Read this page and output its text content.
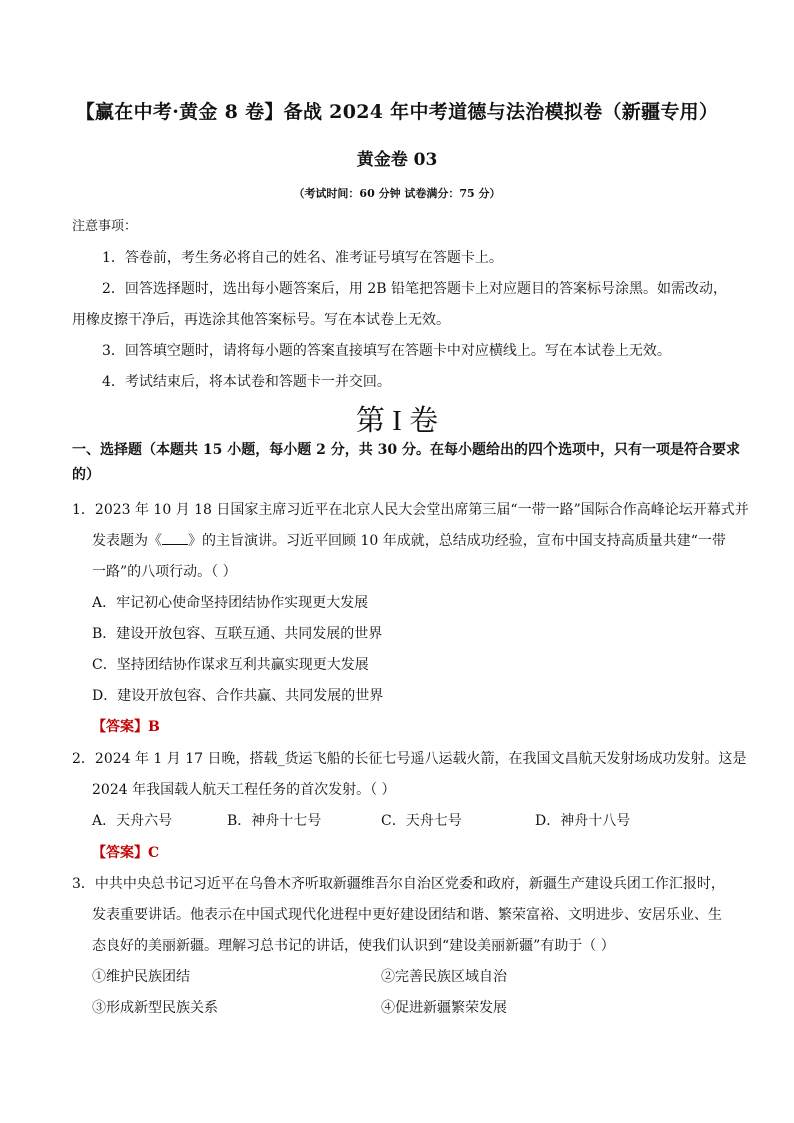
【赢在中考·黄金 8 卷】备战 2024 年中考道德与法治模拟卷（新疆专用）
黄金卷 03
（考试时间：60 分钟 试卷满分：75 分）
注意事项：
1．答卷前，考生务必将自己的姓名、准考证号填写在答题卡上。
2．回答选择题时，选出每小题答案后，用 2B 铅笔把答题卡上对应题目的答案标号涂黑。如需改动，
用橡皮擦干净后，再选涂其他答案标号。写在本试卷上无效。
3．回答填空题时，请将每小题的答案直接填写在答题卡中对应横线上。写在本试卷上无效。
4．考试结束后，将本试卷和答题卡一并交回。
第 I 卷
一、选择题（本题共 15 小题，每小题 2 分，共 30 分。在每小题给出的四个选项中，只有一项是符合要求
的）
1．2023 年 10 月 18 日国家主席习近平在北京人民大会堂出席第三届“一带一路”国际合作高峰论坛开幕式并
发表题为《 》的主旨演讲。习近平回顾 10 年成就，总结成功经验，宣布中国支持高质量共建“一带
一路”的八项行动。（ ）
A．牢记初心使命坚持团结协作实现更大发展
B．建设开放包容、互联互通、共同发展的世界
C．坚持团结协作谋求互利共赢实现更大发展
D．建设开放包容、合作共赢、共同发展的世界
【答案】B
2．2024 年 1 月 17 日晚，搭载_货运飞船的长征七号遥八运载火箭，在我国文昌航天发射场成功发射。这是
2024 年我国载人航天工程任务的首次发射。（ ）
A．天舟六号	B．神舟十七号	C．天舟七号	D．神舟十八号
【答案】C
3．中共中央总书记习近平在乌鲁木齐听取新疆维吾尔自治区党委和政府，新疆生产建设兵团工作汇报时，
发表重要讲话。他表示在中国式现代化进程中更好建设团结和谐、繁荣富裕、文明进步、安居乐业、生
态良好的美丽新疆。理解习总书记的讲话，使我们认识到“建设美丽新疆”有助于（ ）
①维护民族团结	②完善民族区域自治
③形成新型民族关系	④促进新疆繁荣发展
